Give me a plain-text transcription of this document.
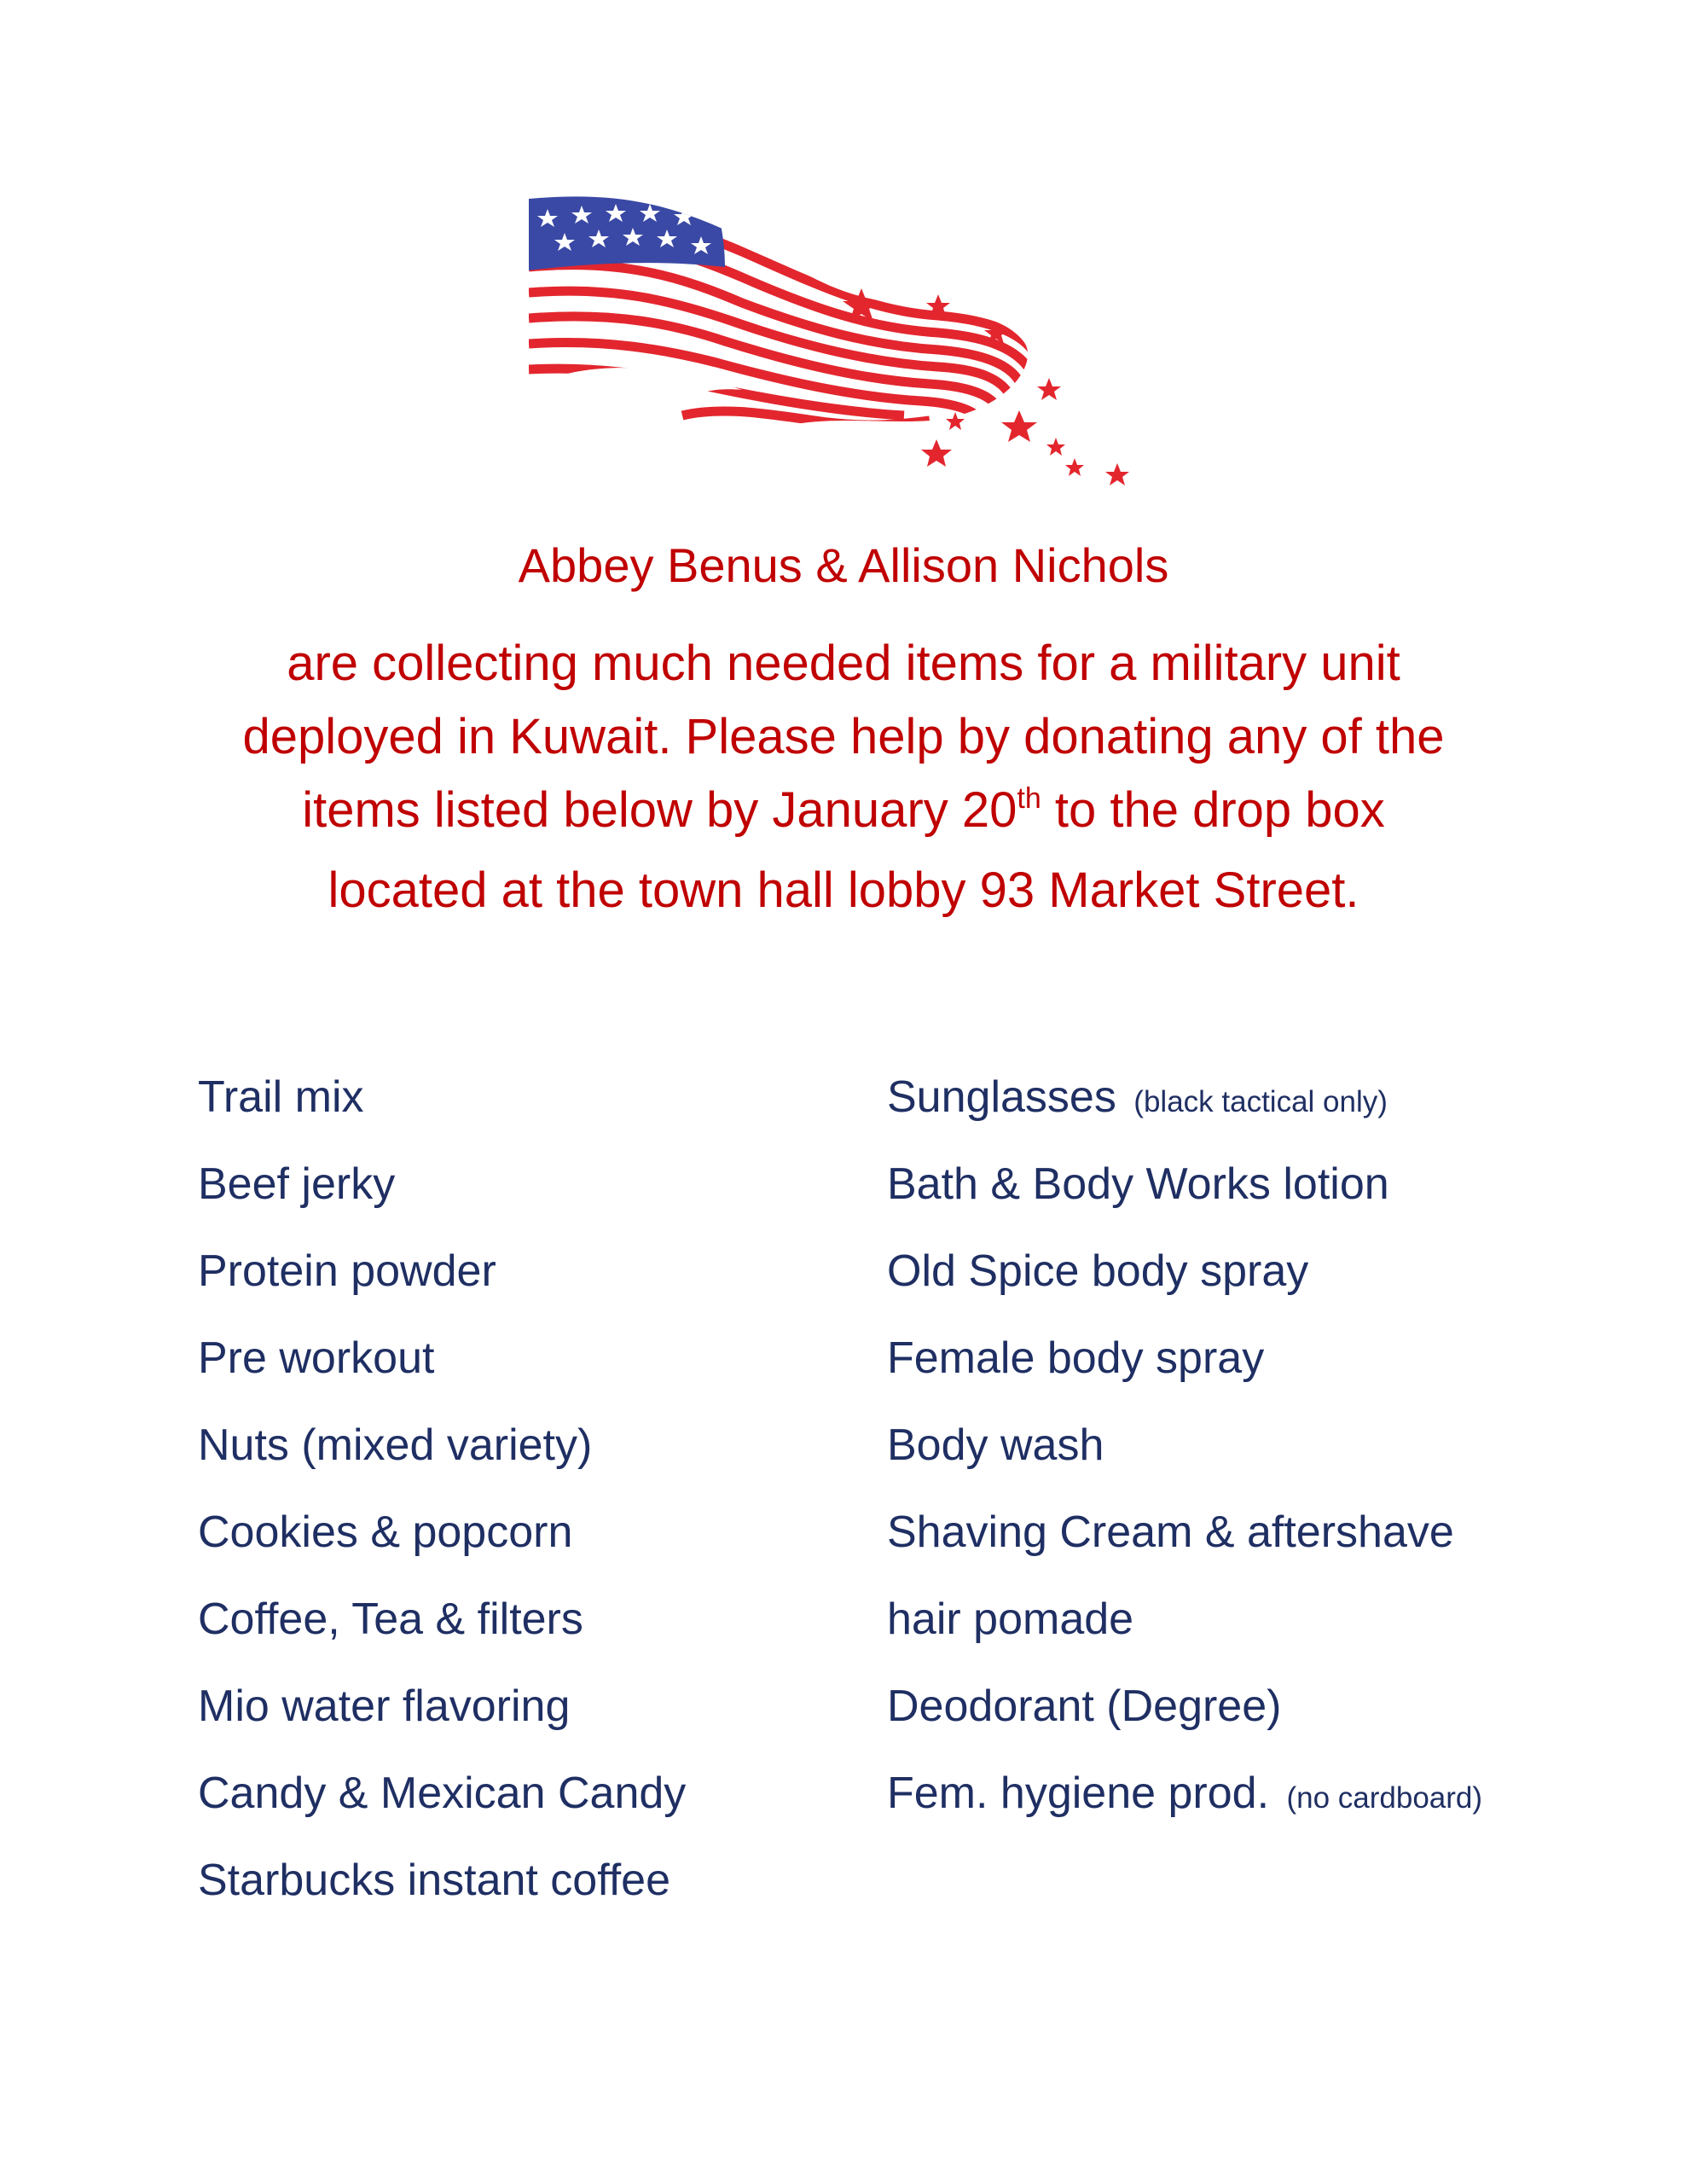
Abbey Benus & Allison Nichols
are collecting much needed items for a military unit
deployed in Kuwait. Please help by donating any of the
items listed below by January 20th to the drop box
located at the town hall lobby 93 Market Street.
Trail mix
Beef jerky
Protein powder
Pre workout
Nuts (mixed variety)
Cookies & popcorn
Coffee, Tea & filters
Mio water flavoring
Candy & Mexican Candy
Starbucks instant coffee
Sunglasses (black tactical only)
Bath & Body Works lotion
Old Spice body spray
Female body spray
Body wash
Shaving Cream & aftershave
hair pomade
Deodorant (Degree)
Fem. hygiene prod. (no cardboard)
